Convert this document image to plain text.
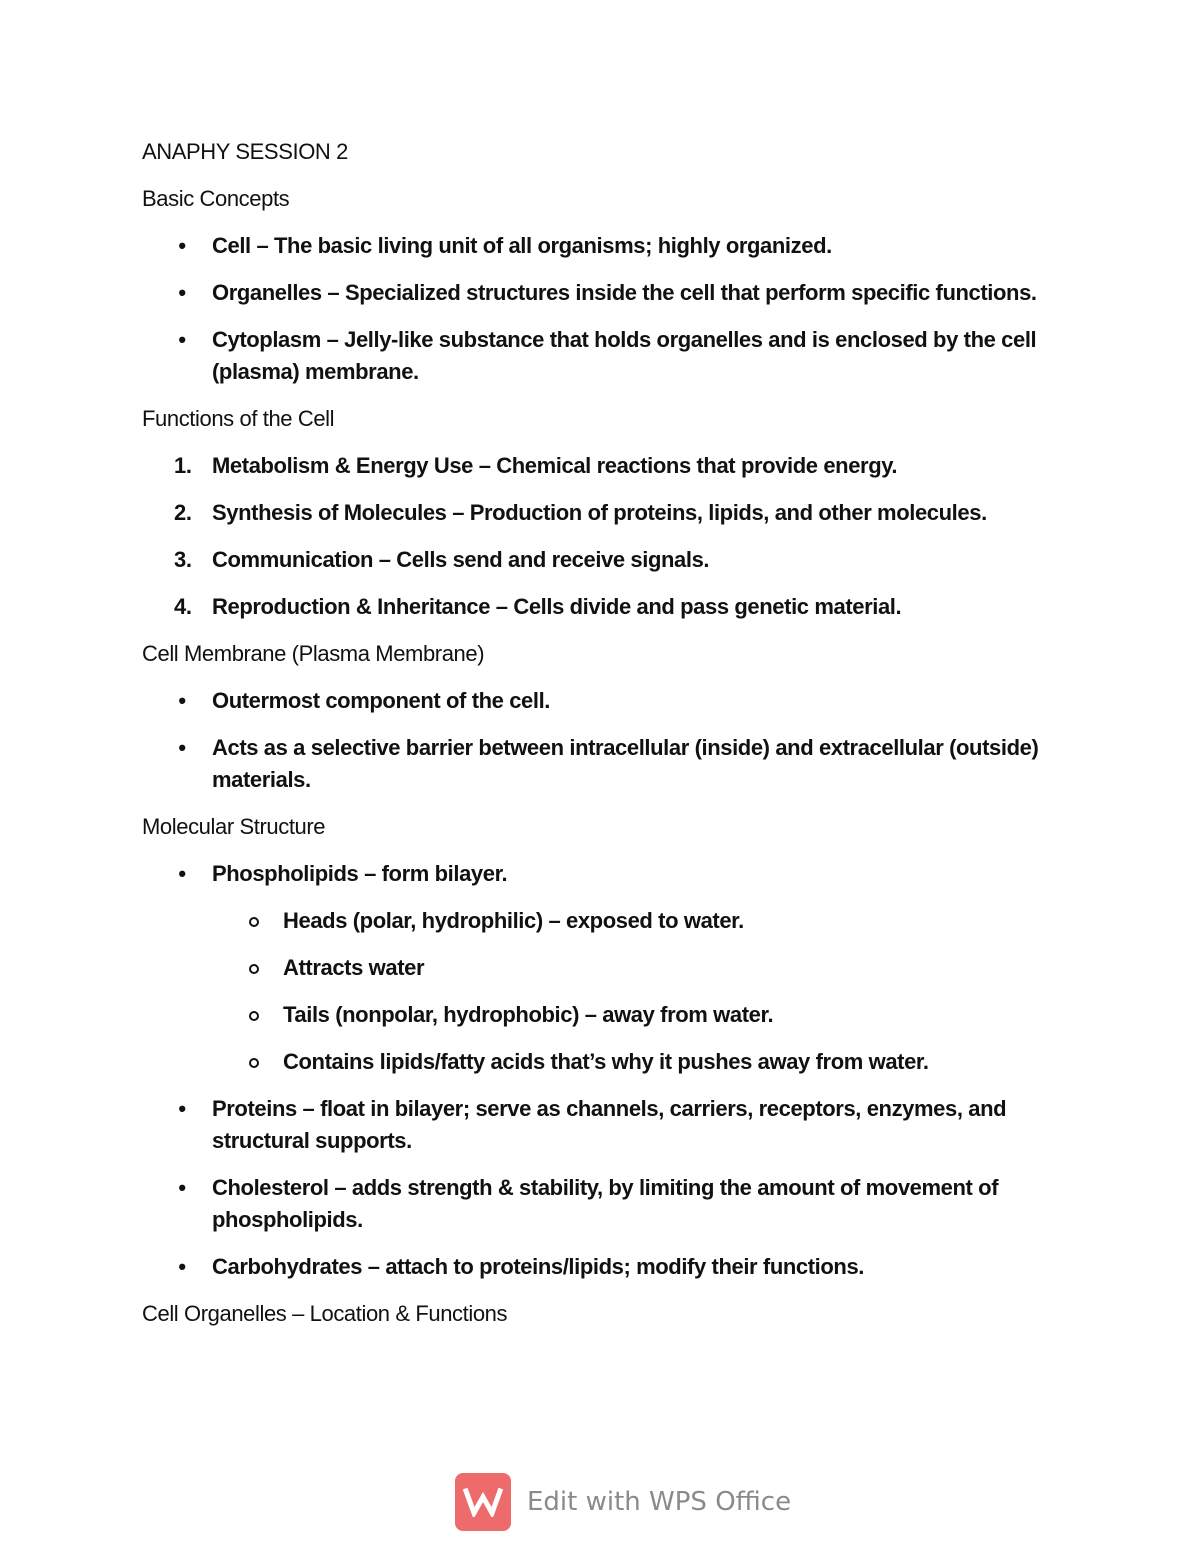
ANAPHY SESSION 2
Basic Concepts
• Cell – The basic living unit of all organisms; highly organized.
• Organelles – Specialized structures inside the cell that perform specific functions.
• Cytoplasm – Jelly-like substance that holds organelles and is enclosed by the cell (plasma) membrane.
Functions of the Cell
1. Metabolism & Energy Use – Chemical reactions that provide energy.
2. Synthesis of Molecules – Production of proteins, lipids, and other molecules.
3. Communication – Cells send and receive signals.
4. Reproduction & Inheritance – Cells divide and pass genetic material.
Cell Membrane (Plasma Membrane)
• Outermost component of the cell.
• Acts as a selective barrier between intracellular (inside) and extracellular (outside) materials.
Molecular Structure
• Phospholipids – form bilayer.
Heads (polar, hydrophilic) – exposed to water.
Attracts water
Tails (nonpolar, hydrophobic) – away from water.
Contains lipids/fatty acids that’s why it pushes away from water.
• Proteins – float in bilayer; serve as channels, carriers, receptors, enzymes, and structural supports.
• Cholesterol – adds strength & stability, by limiting the amount of movement of phospholipids.
• Carbohydrates – attach to proteins/lipids; modify their functions.
Cell Organelles – Location & Functions
Edit with WPS Office
